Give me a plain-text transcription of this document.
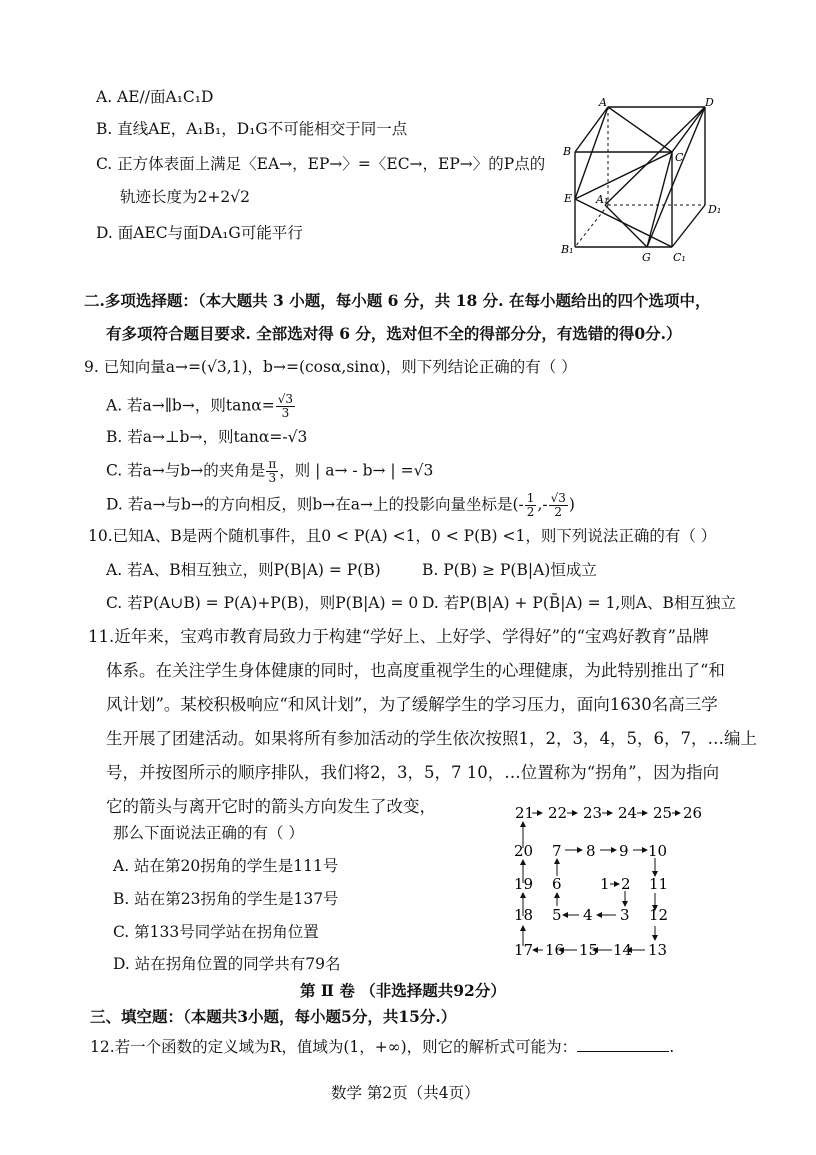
A. AE//面A₁C₁D
B. 直线AE，A₁B₁，D₁G不可能相交于同一点
C. 正方体表面上满足〈EA→，EP→〉=〈EC→，EP→〉的P点的
轨迹长度为2+2√2
D. 面AEC与面DA₁G可能平行
A	D
B	C
E A₁
D₁
B₁
G C₁
二.多项选择题：（本大题共 3 小题，每小题 6 分，共 18 分. 在每小题给出的四个选项中，
有多项符合题目要求. 全部选对得 6 分，选对但不全的得部分分，有选错的得0分.）
9. 已知向量a→=(√3,1)，b→=(cosα,sinα)，则下列结论正确的有（ ）
A. 若a→∥b→，则$\tan\alpha= \frac{√3}{3}$
B. 若a→⊥b→，则tanα=-√3
C. 若a→与b→的夹角是 $\frac{\pi}{3}$ ，则 | a→ - b→ | =√3
D. 若a→与b→的方向相反，则b→在a→上的投影向量坐标是(- $\frac{1}{2}$ ,- $\frac{√3}{2}$ )
10.已知A、B是两个随机事件，且0 < P(A) <1，0 < P(B) <1，则下列说法正确的有（ ）
A. 若A、B相互独立，则P(B|A) = P(B)	B. P(B) ≥ P(B|A)恒成立
C. 若P(A∪B) = P(A)+P(B)，则P(B|A) = 0 D. 若P(B|A) + P(B̄|A) = 1,则A、B相互独立
11.近年来，宝鸡市教育局致力于构建“学好上、上好学、学得好”的“宝鸡好教育”品牌
体系。在关注学生身体健康的同时，也高度重视学生的心理健康，为此特别推出了“和
风计划”。某校积极响应“和风计划”，为了缓解学生的学习压力，面向1630名高三学
生开展了团建活动。如果将所有参加活动的学生依次按照1，2，3，4，5，6，7，…编上
号，并按图所示的顺序排队，我们将2，3，5，7 10，…位置称为“拐角”，因为指向
它的箭头与离开它时的箭头方向发生了改变，
那么下面说法正确的有（ ）
A. 站在第20拐角的学生是111号
B. 站在第23拐角的学生是137号
C. 第133号同学站在拐角位置
D. 站在拐角位置的同学共有79名
21 22 23 24 25 26
20 7 8 9 10
19 6	1 2 11
18 5 4 3 12
17 16 15 14 13
第 Ⅱ 卷 （非选择题共92分）
三、填空题：（本题共3小题，每小题5分，共15分.）
12.若一个函数的定义域为R，值域为(1，+∞)，则它的解析式可能为：	.
数学 第2页（共4页）
